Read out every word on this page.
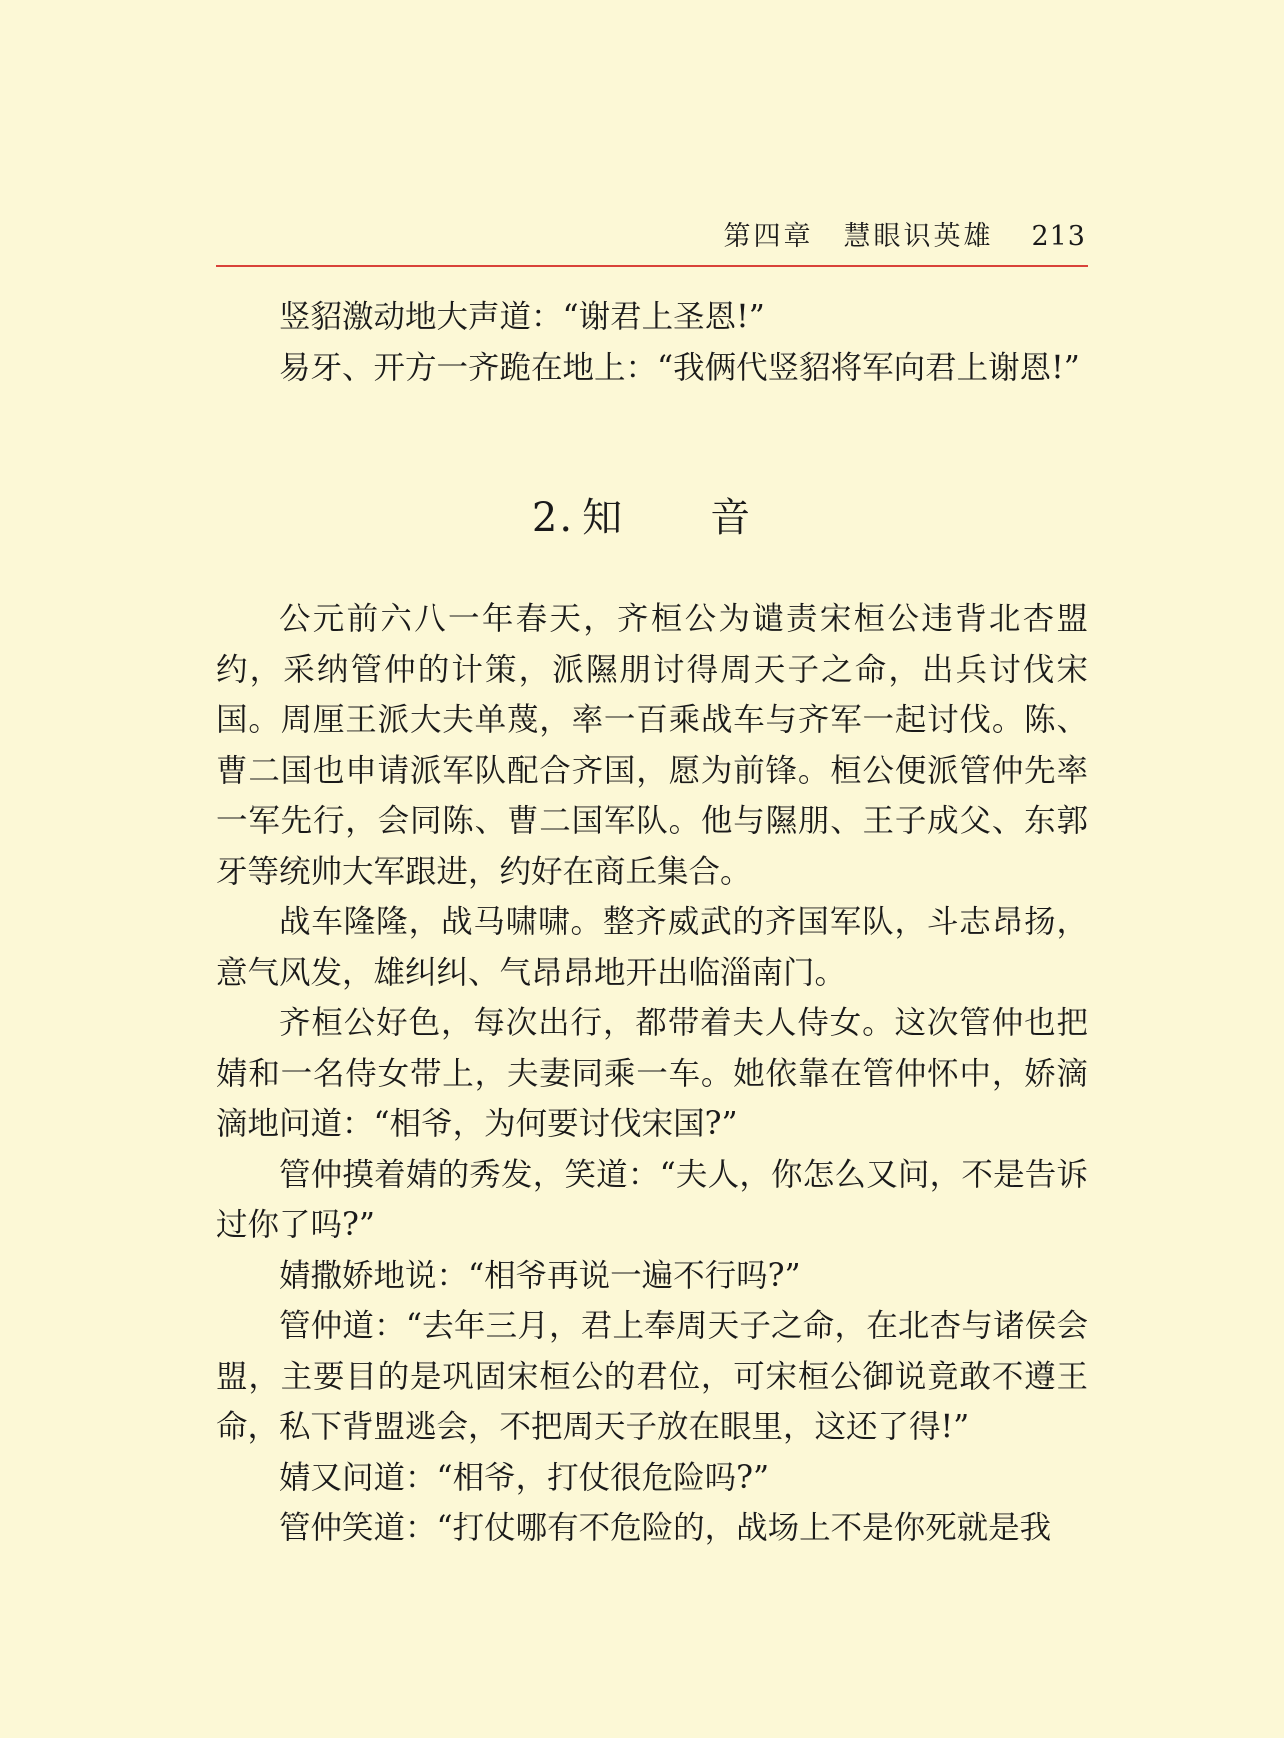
第四章 慧眼识英雄 213

竖貂激动地大声道：“谢君上圣恩!”

易牙、开方一齐跪在地上：“我俩代竖貂将军向君上谢恩!”

2. 知 音

公元前六八一年春天，齐桓公为谴责宋桓公违背北杏盟约，采纳管仲的计策，派隰朋讨得周天子之命，出兵讨伐宋国。周厘王派大夫单蔑，率一百乘战车与齐军一起讨伐。陈、曹二国也申请派军队配合齐国，愿为前锋。桓公便派管仲先率一军先行，会同陈、曹二国军队。他与隰朋、王子成父、东郭牙等统帅大军跟进，约好在商丘集合。

战车隆隆，战马啸啸。整齐威武的齐国军队，斗志昂扬，意气风发，雄纠纠、气昂昂地开出临淄南门。

齐桓公好色，每次出行，都带着夫人侍女。这次管仲也把婧和一名侍女带上，夫妻同乘一车。她依靠在管仲怀中，娇滴滴地问道：“相爷，为何要讨伐宋国?”

管仲摸着婧的秀发，笑道：“夫人，你怎么又问，不是告诉过你了吗?”

婧撒娇地说：“相爷再说一遍不行吗?”

管仲道：“去年三月，君上奉周天子之命，在北杏与诸侯会盟，主要目的是巩固宋桓公的君位，可宋桓公御说竟敢不遵王命，私下背盟逃会，不把周天子放在眼里，这还了得!”

婧又问道：“相爷，打仗很危险吗?”

管仲笑道：“打仗哪有不危险的，战场上不是你死就是我
